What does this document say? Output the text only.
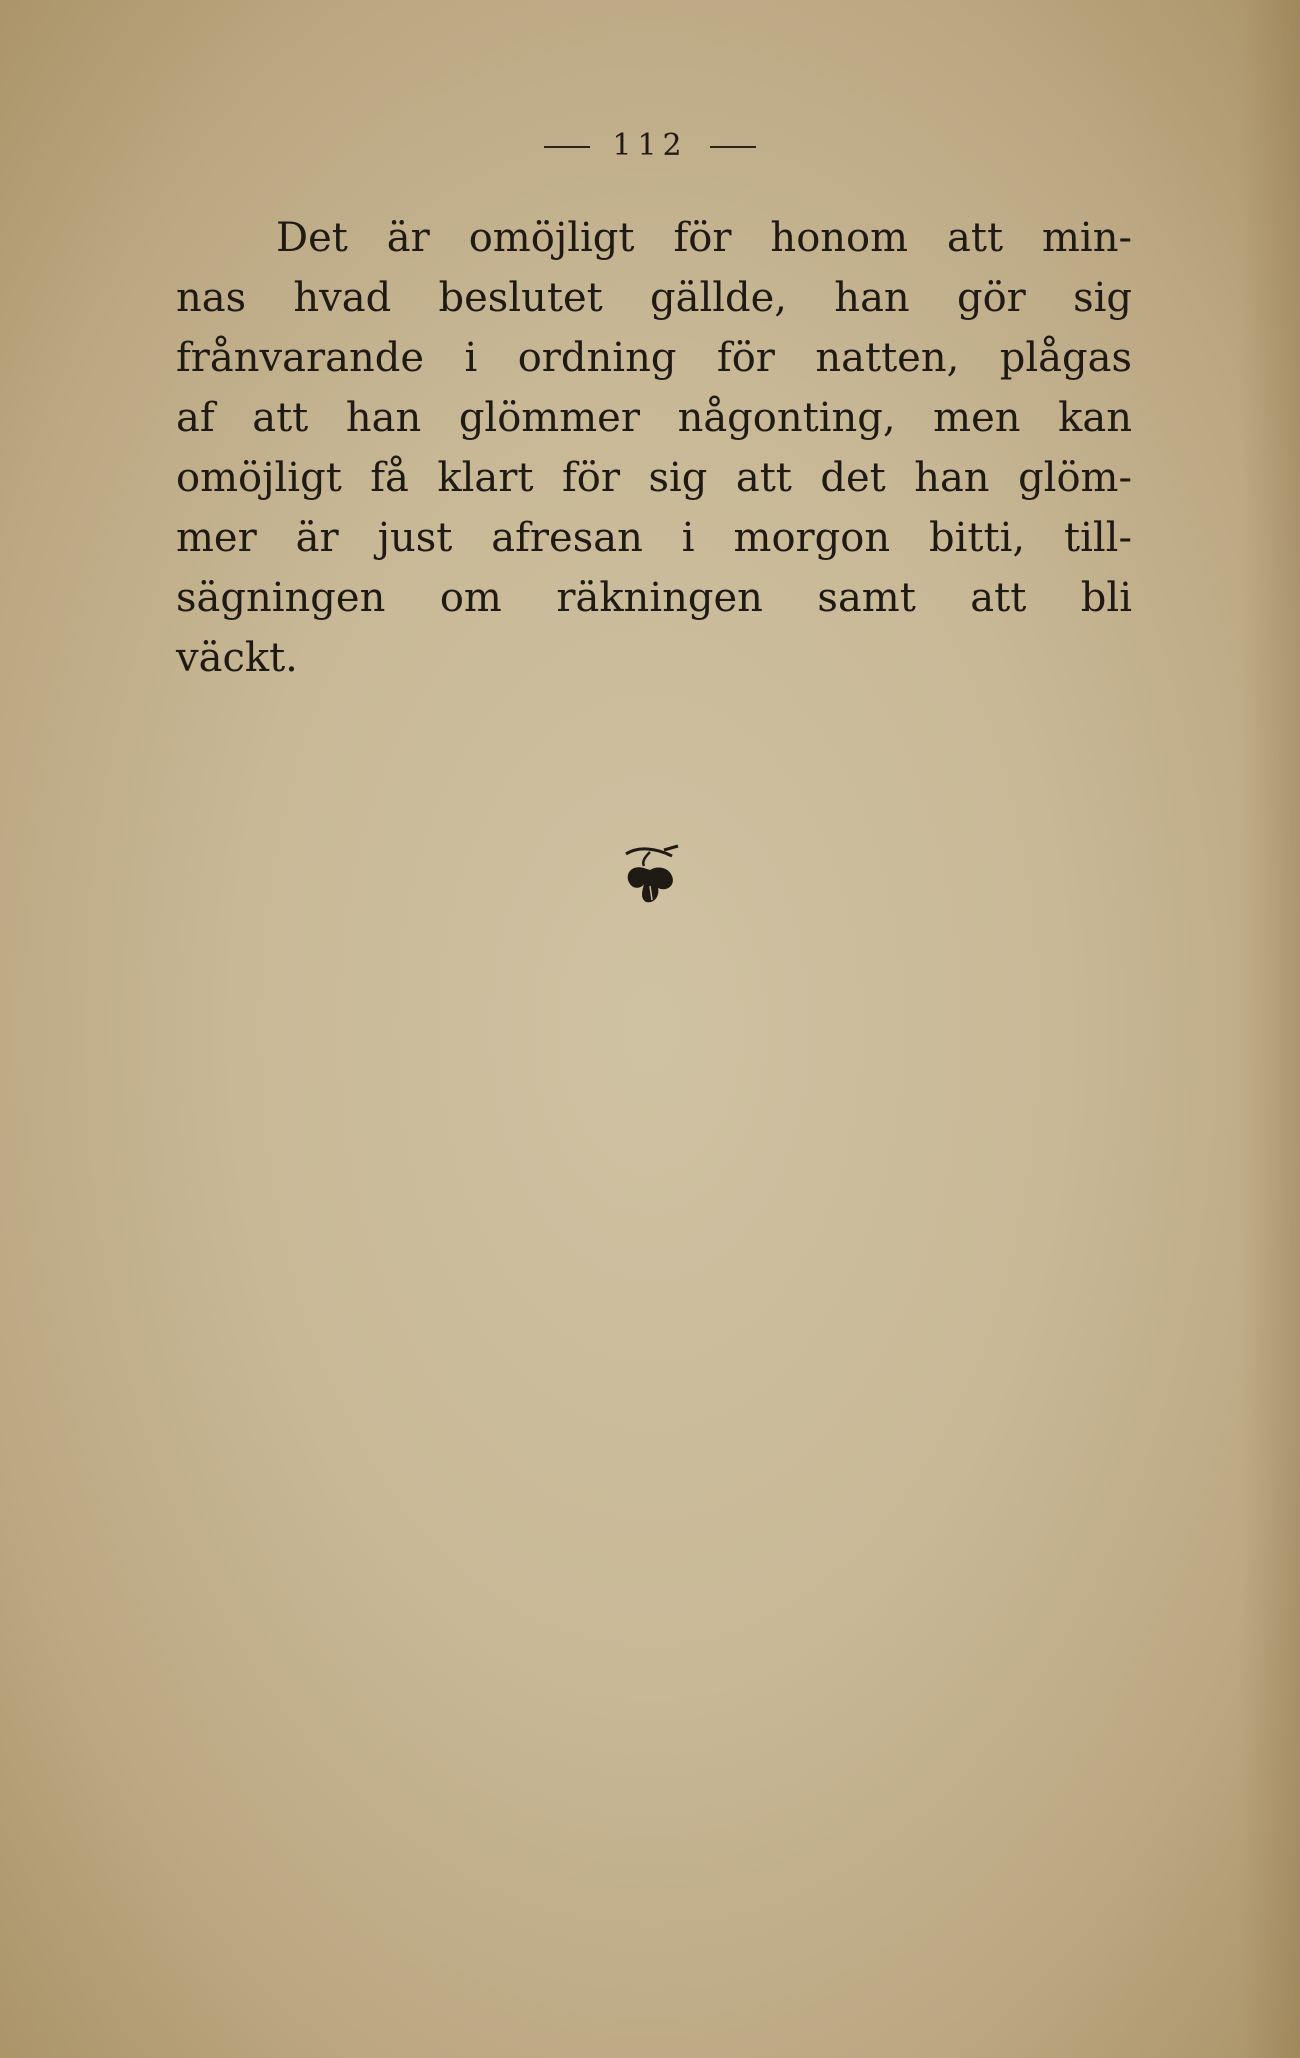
112
Det är omöjligt för honom att min-
nas hvad beslutet gällde, han gör sig
frånvarande i ordning för natten, plågas
af att han glömmer någonting, men kan
omöjligt få klart för sig att det han glöm-
mer är just afresan i morgon bitti, till-
sägningen om räkningen samt att bli
väckt.
